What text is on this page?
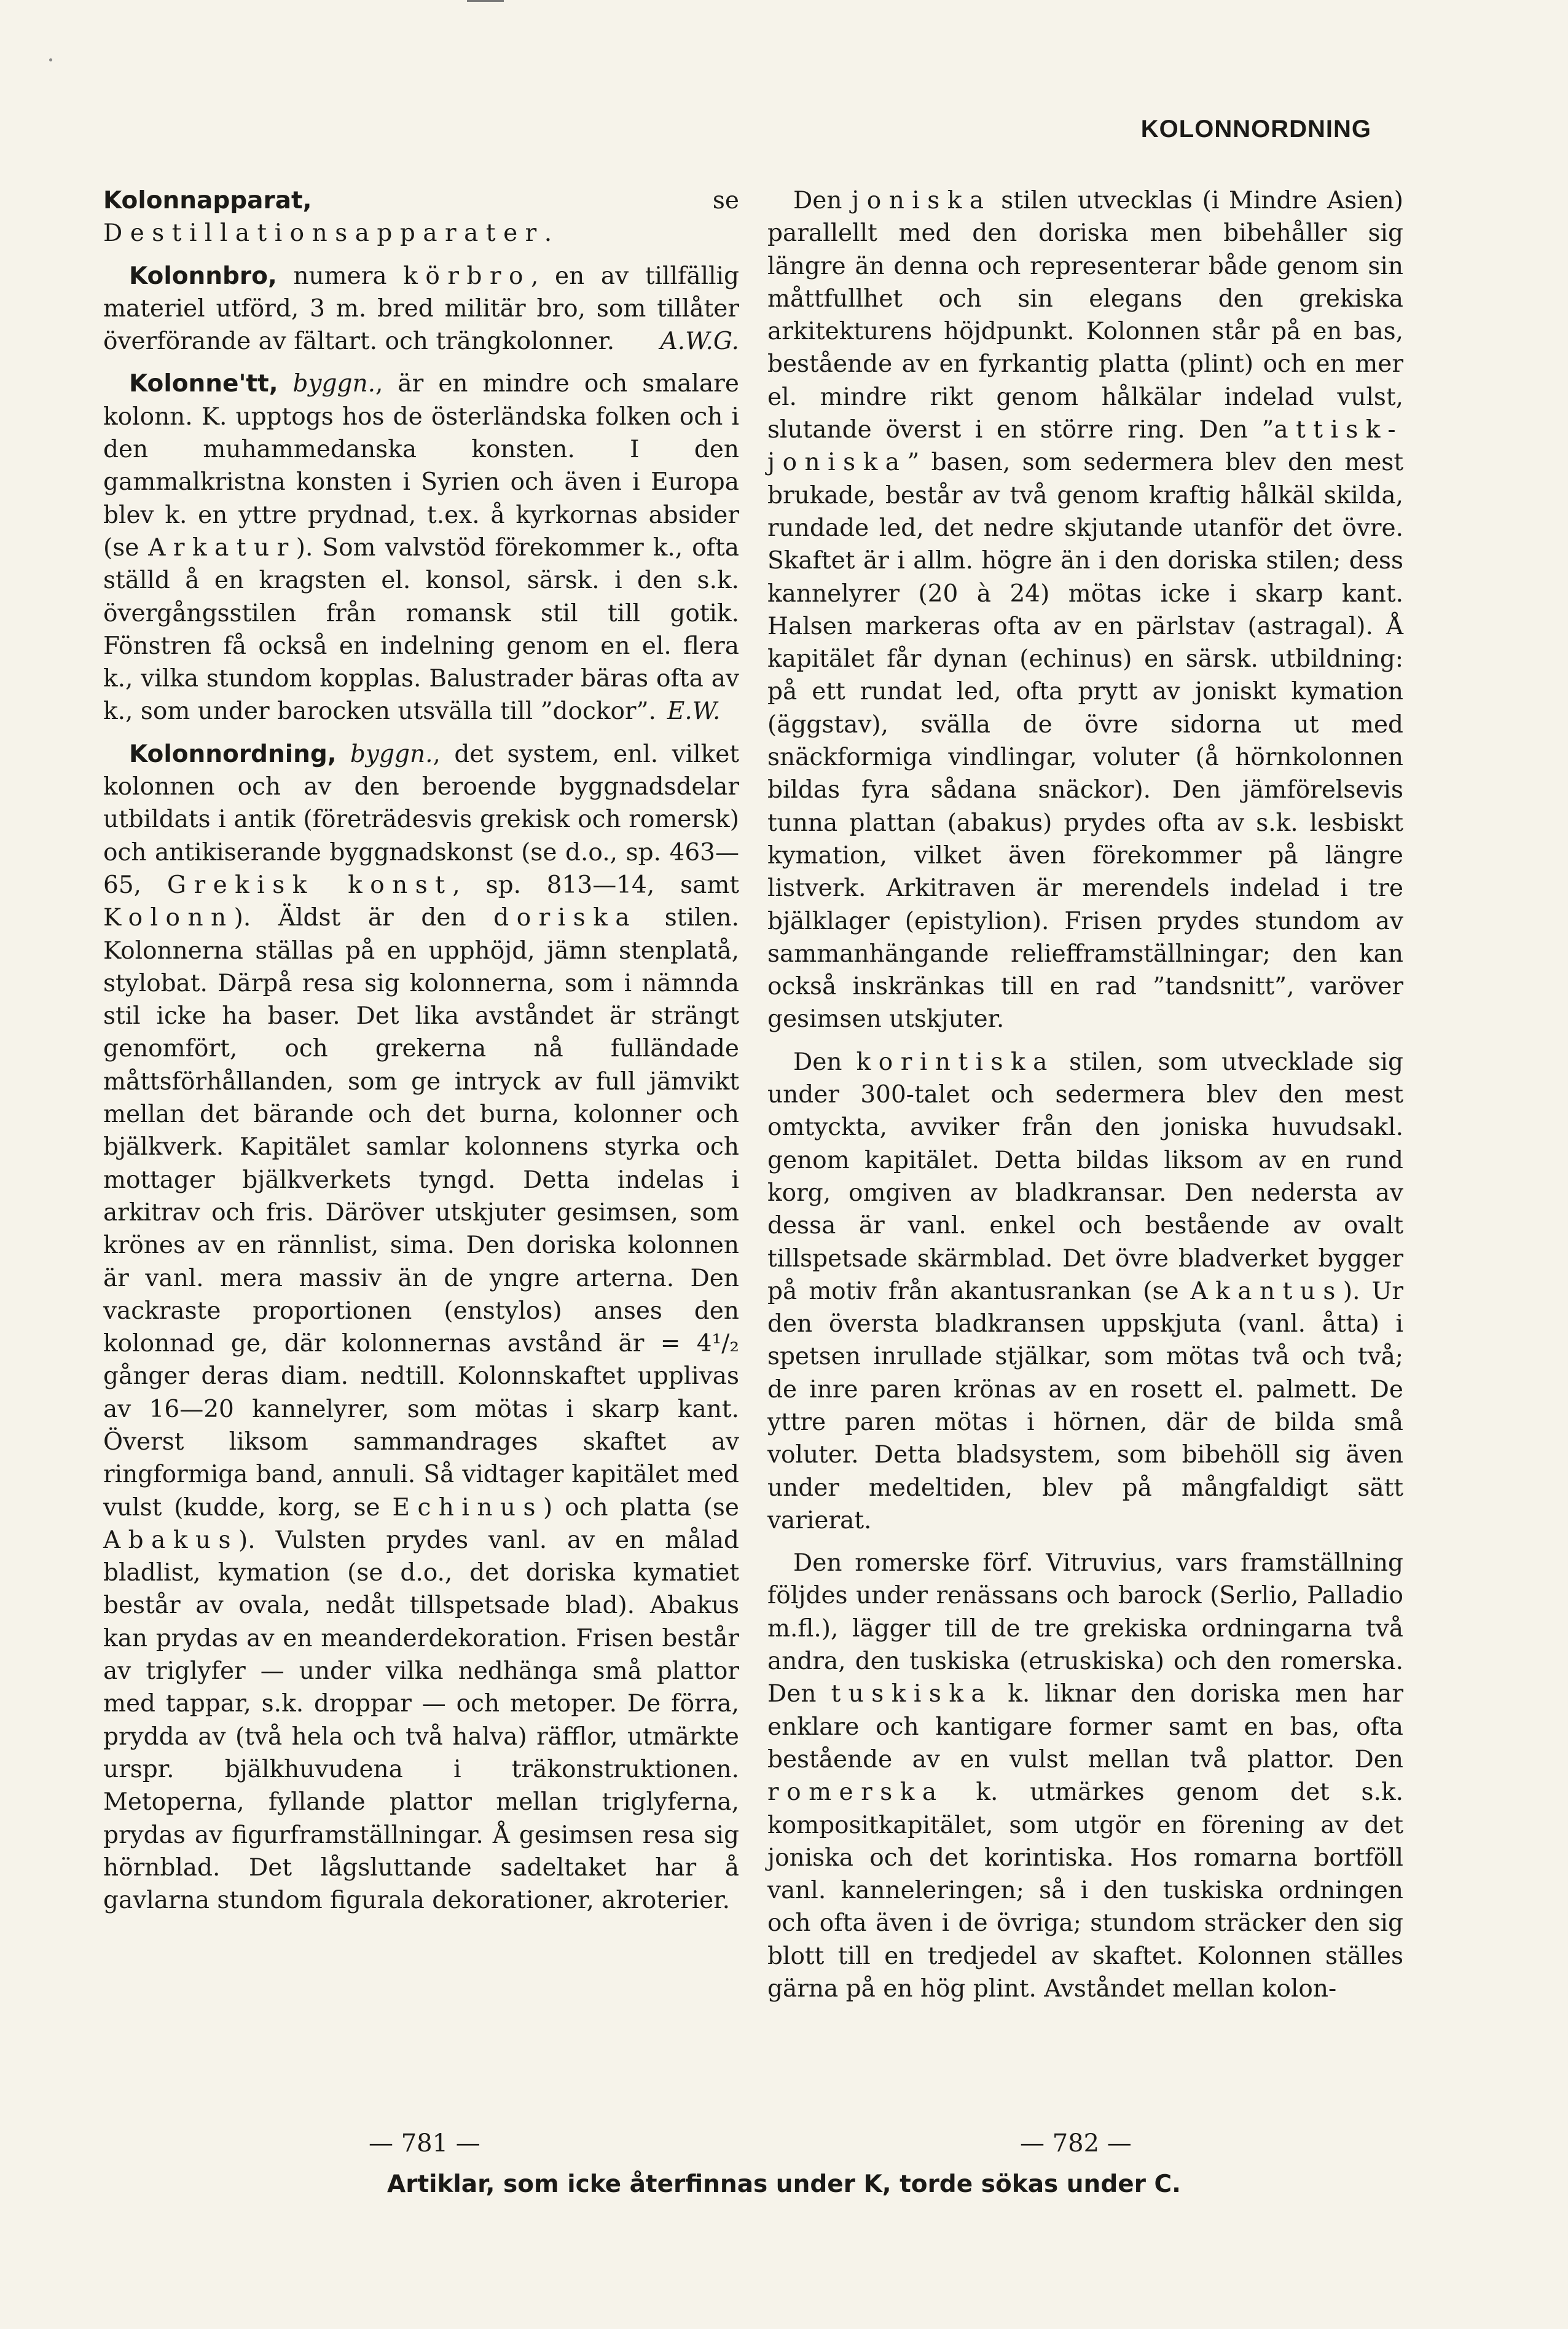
KOLONNORDNING

Kolonnapparat, se Destillationsapparater.

Kolonnbro, numera körbro, en av tillfällig materiel utförd, 3 m. bred militär bro, som tillåter överförande av fältart. och trängkolonner.	A.W.G.

Kolonne'tt, byggn., är en mindre och smalare kolonn. K. upptogs hos de österländska folken och i den muhammedanska konsten. I den gammalkristna konsten i Syrien och även i Europa blev k. en yttre prydnad, t.ex. å kyrkornas absider (se Arkatur). Som valvstöd förekommer k., ofta ställd å en kragsten el. konsol, särsk. i den s.k. övergångsstilen från romansk stil till gotik. Fönstren få också en indelning genom en el. flera k., vilka stundom kopplas. Balustrader bäras ofta av k., som under barocken utsvälla till ”dockor”. E.W.

Kolonnordning, byggn., det system, enl. vilket kolonnen och av den beroende byggnadsdelar utbildats i antik (företrädesvis grekisk och romersk) och antikiserande byggnadskonst (se d.o., sp. 463—65, Grekisk konst, sp. 813—14, samt Kolonn). Äldst är den doriska stilen. Kolonnerna ställas på en upphöjd, jämn stenplatå, stylobat. Därpå resa sig kolonnerna, som i nämnda stil icke ha baser. Det lika avståndet är strängt genomfört, och grekerna nå fulländade måttsförhållanden, som ge intryck av full jämvikt mellan det bärande och det burna, kolonner och bjälkverk. Kapitälet samlar kolonnens styrka och mottager bjälkverkets tyngd. Detta indelas i arkitrav och fris. Däröver utskjuter gesimsen, som krönes av en rännlist, sima. Den doriska kolonnen är vanl. mera massiv än de yngre arterna. Den vackraste proportionen (enstylos) anses den kolonnad ge, där kolonnernas avstånd är = 4¹/₂ gånger deras diam. nedtill. Kolonnskaftet upplivas av 16—20 kannelyrer, som mötas i skarp kant. Överst liksom sammandrages skaftet av ringformiga band, annuli. Så vidtager kapitälet med vulst (kudde, korg, se Echinus) och platta (se Abakus). Vulsten prydes vanl. av en målad bladlist, kymation (se d.o., det doriska kymatiet består av ovala, nedåt tillspetsade blad). Abakus kan prydas av en meanderdekoration. Frisen består av triglyfer — under vilka nedhänga små plattor med tappar, s.k. droppar — och metoper. De förra, prydda av (två hela och två halva) räfflor, utmärkte urspr. bjälkhuvudena i träkonstruktionen. Metoperna, fyllande plattor mellan triglyferna, prydas av figurframställningar. Å gesimsen resa sig hörnblad. Det lågsluttande sadeltaket har å gavlarna stundom figurala dekorationer, akroterier.

Den joniska stilen utvecklas (i Mindre Asien) parallellt med den doriska men bibehåller sig längre än denna och representerar både genom sin måttfullhet och sin elegans den grekiska arkitekturens höjdpunkt. Kolonnen står på en bas, bestående av en fyrkantig platta (plint) och en mer el. mindre rikt genom hålkälar indelad vulst, slutande överst i en större ring. Den ”attisk-joniska” basen, som sedermera blev den mest brukade, består av två genom kraftig hålkäl skilda, rundade led, det nedre skjutande utanför det övre. Skaftet är i allm. högre än i den doriska stilen; dess kannelyrer (20 à 24) mötas icke i skarp kant. Halsen markeras ofta av en pärlstav (astragal). Å kapitälet får dynan (echinus) en särsk. utbildning: på ett rundat led, ofta prytt av joniskt kymation (äggstav), svälla de övre sidorna ut med snäckformiga vindlingar, voluter (å hörnkolonnen bildas fyra sådana snäckor). Den jämförelsevis tunna plattan (abakus) prydes ofta av s.k. lesbiskt kymation, vilket även förekommer på längre listverk. Arkitraven är merendels indelad i tre bjälklager (epistylion). Frisen prydes stundom av sammanhängande reliefframställningar; den kan också inskränkas till en rad ”tandsnitt”, varöver gesimsen utskjuter.

Den korintiska stilen, som utvecklade sig under 300-talet och sedermera blev den mest omtyckta, avviker från den joniska huvudsakl. genom kapitälet. Detta bildas liksom av en rund korg, omgiven av bladkransar. Den nedersta av dessa är vanl. enkel och bestående av ovalt tillspetsade skärmblad. Det övre bladverket bygger på motiv från akantusrankan (se Akantus). Ur den översta bladkransen uppskjuta (vanl. åtta) i spetsen inrullade stjälkar, som mötas två och två; de inre paren krönas av en rosett el. palmett. De yttre paren mötas i hörnen, där de bilda små voluter. Detta bladsystem, som bibehöll sig även under medeltiden, blev på mångfaldigt sätt varierat.

Den romerske förf. Vitruvius, vars framställning följdes under renässans och barock (Serlio, Palladio m.fl.), lägger till de tre grekiska ordningarna två andra, den tuskiska (etruskiska) och den romerska. Den tuskiska k. liknar den doriska men har enklare och kantigare former samt en bas, ofta bestående av en vulst mellan två plattor. Den romerska k. utmärkes genom det s.k. kompositkapitälet, som utgör en förening av det joniska och det korintiska. Hos romarna bortföll vanl. kanneleringen; så i den tuskiska ordningen och ofta även i de övriga; stundom sträcker den sig blott till en tredjedel av skaftet. Kolonnen ställes gärna på en hög plint. Avståndet mellan kolon-

— 781 —	— 782 —
Artiklar, som icke återfinnas under K, torde sökas under C.
